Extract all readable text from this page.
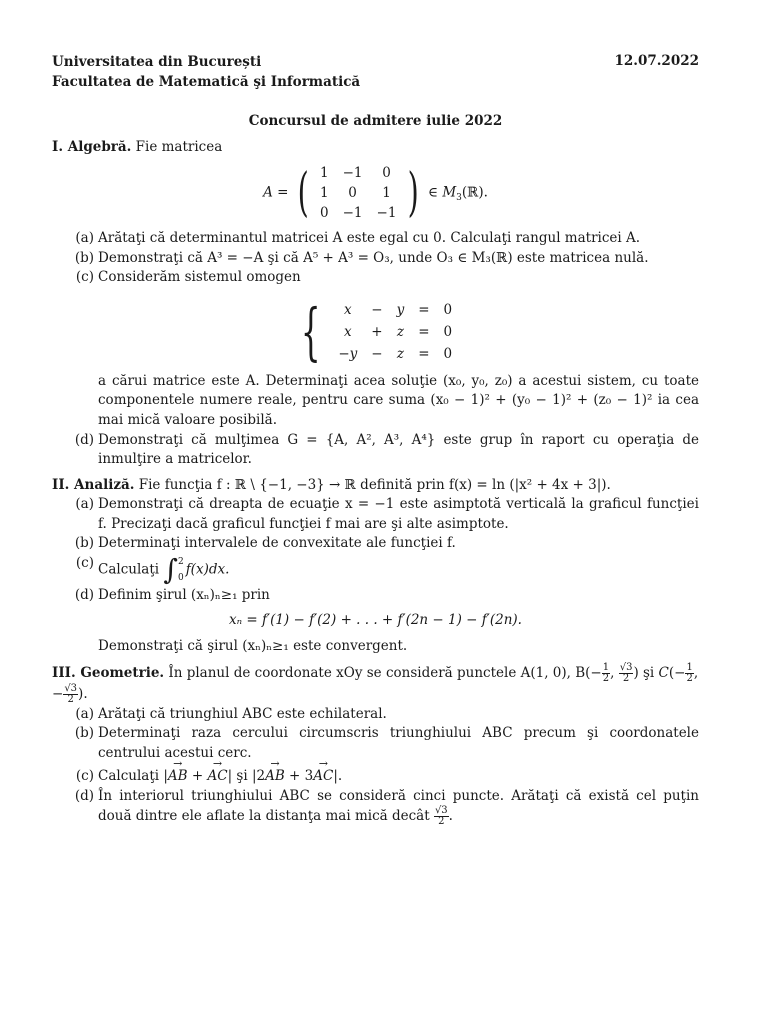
Universitatea din București
Facultatea de Matematică şi Informatică
12.07.2022
Concursul de admitere iulie 2022
I. Algebră. Fie matricea
A = ( 1	−1	0
1	0	1
0	−1	−1 ) ∈ $M_3(ℝ)$.
(a) Arătaţi că determinantul matricei A este egal cu 0. Calculaţi rangul matricei A.
(b) Demonstraţi că A³ = −A şi că A⁵ + A³ = O₃, unde O₃ ∈ M₃(ℝ) este matricea nulă.
(c) Considerăm sistemul omogen
{ x	−	y	=	0
x	+	z	=	0
−y	−	z	=	0
a cărui matrice este A. Determinaţi acea soluţie (x₀, y₀, z₀) a acestui sistem, cu toate componentele numere reale, pentru care suma (x₀ − 1)² + (y₀ − 1)² + (z₀ − 1)² ia cea mai mică valoare posibilă.
(d) Demonstraţi că mulţimea G = {A, A², A³, A⁴} este grup în raport cu operaţia de inmulţire a matricelor.
II. Analiză. Fie funcţia f : ℝ \ {−1, −3} → ℝ definită prin f(x) = ln (|x² + 4x + 3|).
(a) Demonstraţi că dreapta de ecuaţie x = −1 este asimptotă verticală la graficul funcţiei f. Precizaţi dacă graficul funcţiei f mai are şi alte asimptote.
(b) Determinaţi intervalele de convexitate ale funcţiei f.
(c) Calculaţi ∫ 2
0
f(x)dx.
(d) Definim şirul (xₙ)ₙ≥₁ prin
xₙ = f′(1) − f′(2) + . . . + f′(2n − 1) − f′(2n).
Demonstraţi că şirul (xₙ)ₙ≥₁ este convergent.
III. Geometrie. În planul de coordonate xOy se consideră punctele A(1, 0), $B(- \frac{1}{2}$ , $\frac{√3}{2}$ ) şi $C(- \frac{1}{2}$ , − $\frac{√3}{2}$ ).
(a) Arătaţi că triunghiul ABC este echilateral.
(b) Determinaţi raza cercului circumscris triunghiului ABC precum şi coordonatele centrului acestui cerc.
(c) Calculaţi |→ AB + → AC| şi |2→ AB + 3→ AC|.
(d) În interiorul triunghiului ABC se consideră cinci puncte. Arătaţi că există cel puţin două dintre ele aflate la distanţa mai mică decât $\frac{√3}{2}$ .
